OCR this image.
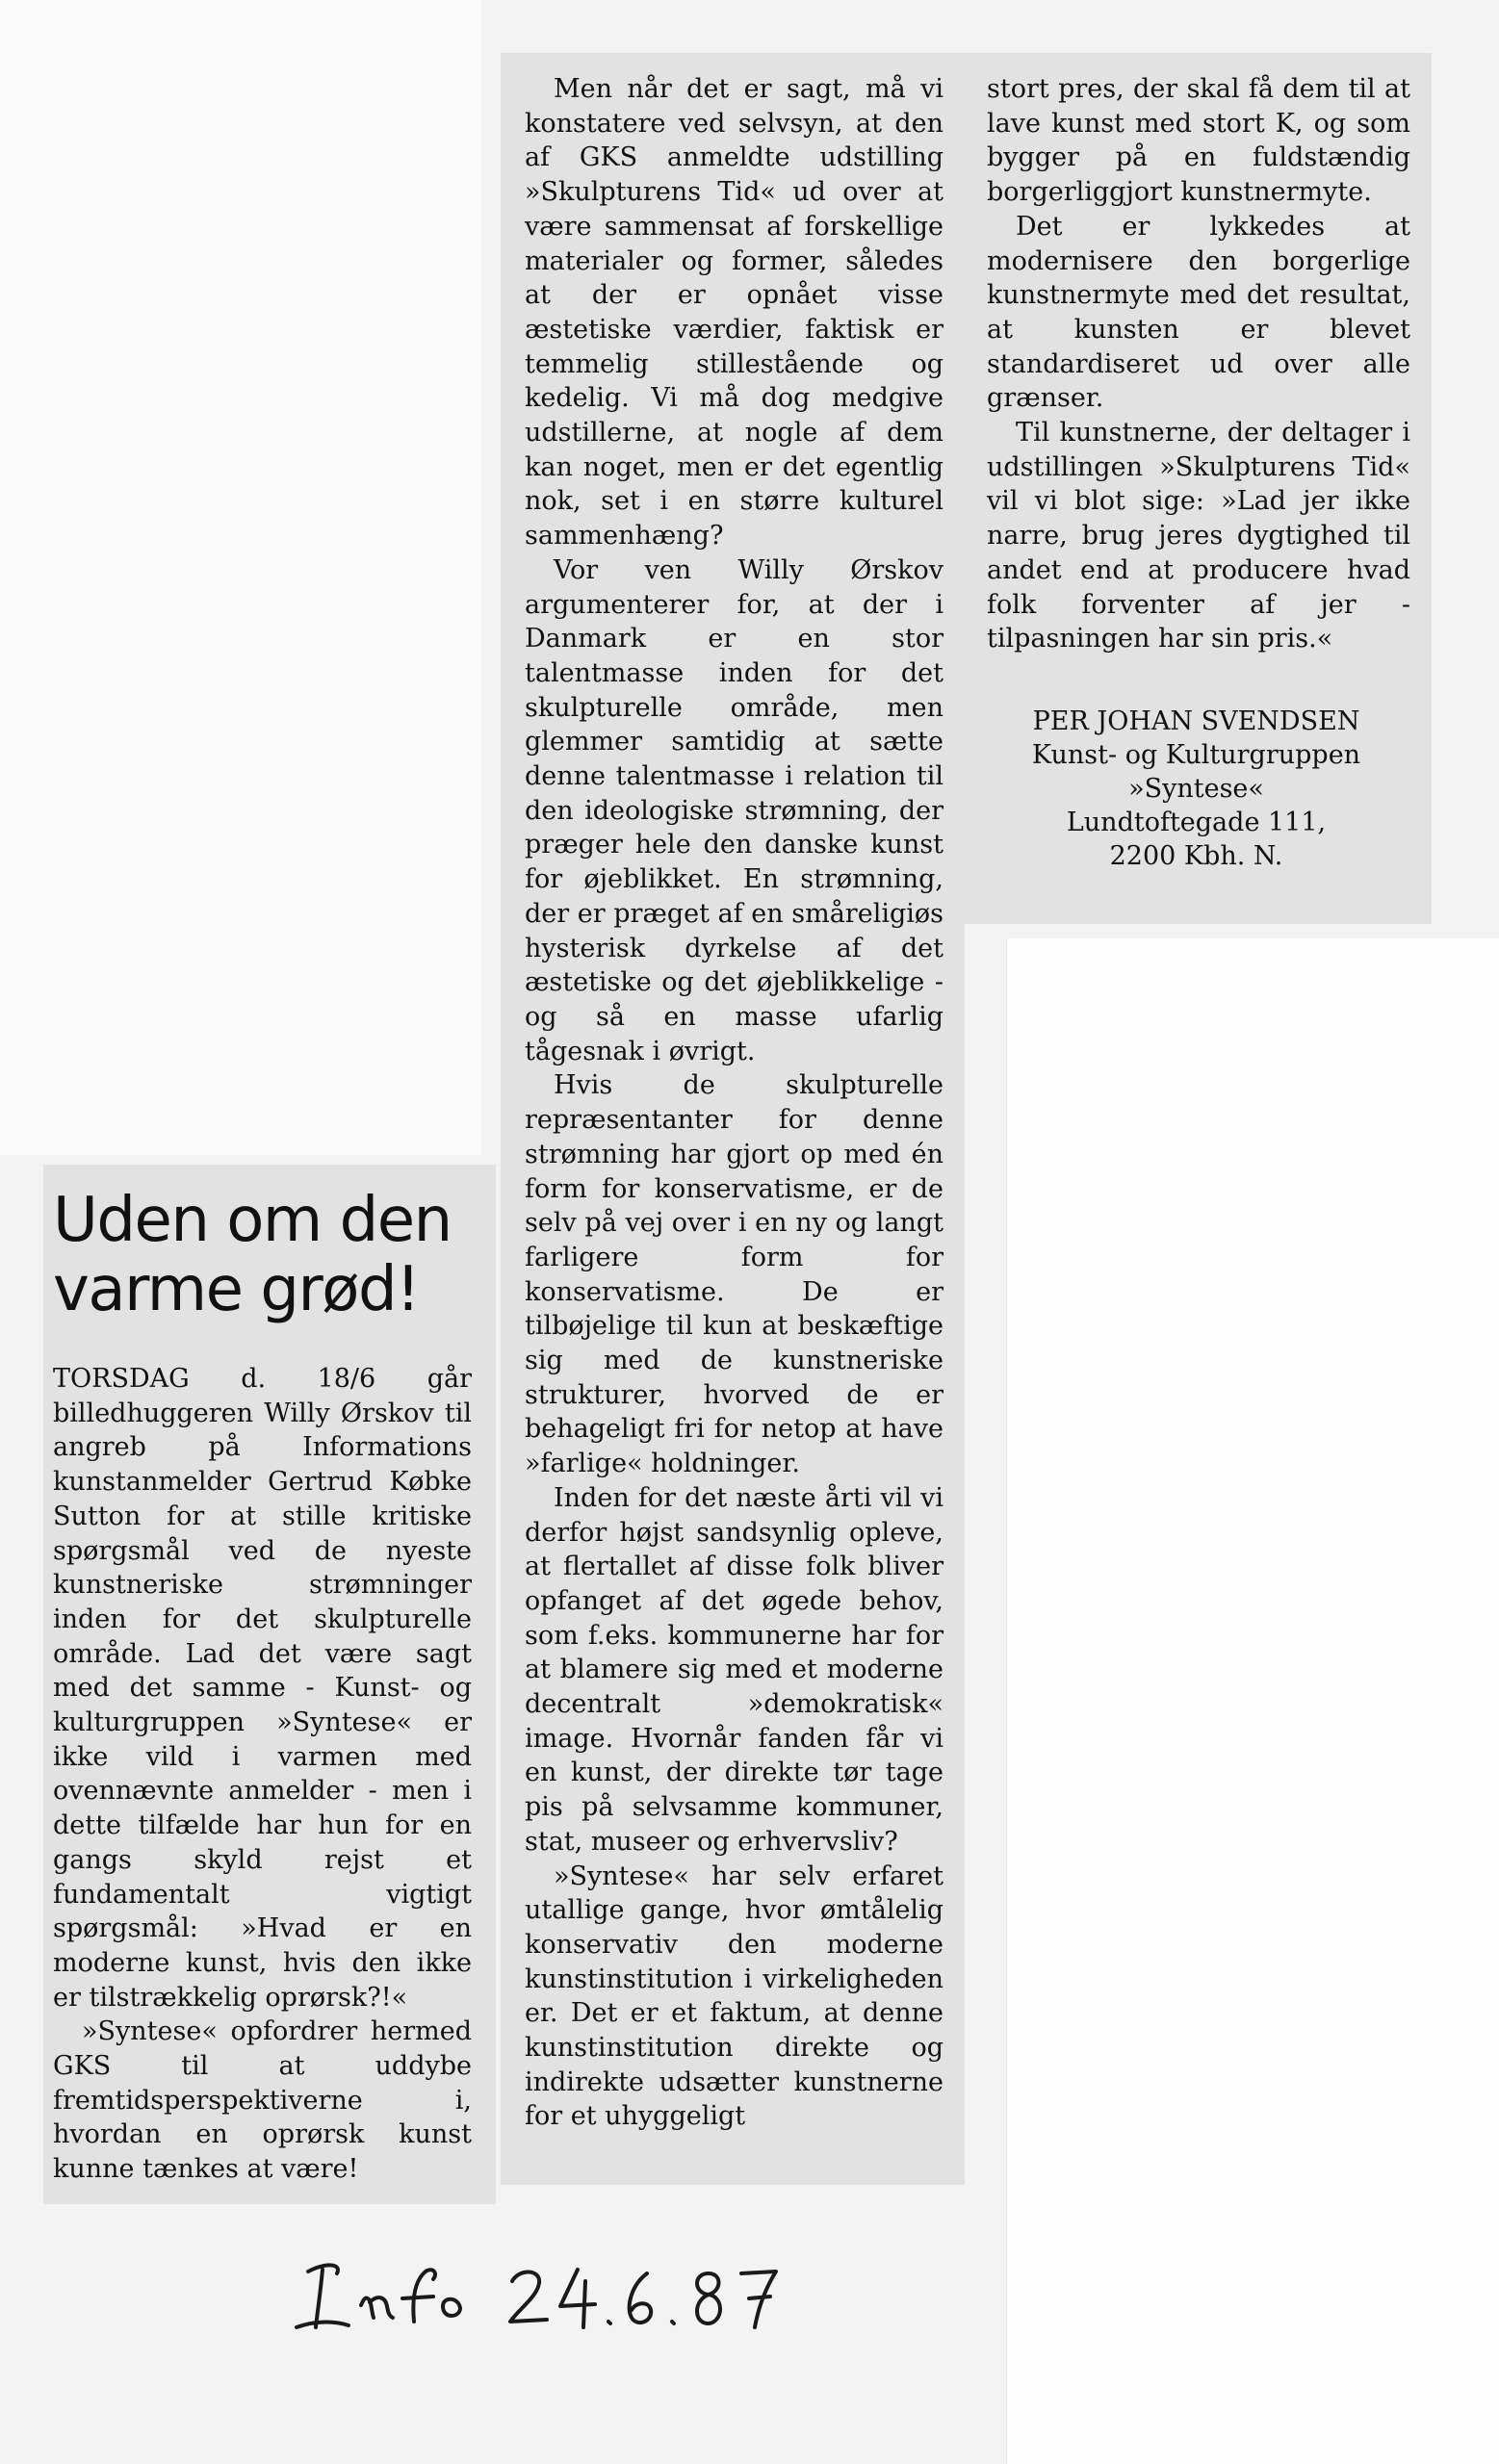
Uden om den varme grød!

TORSDAG d. 18/6 går billedhuggeren Willy Ørskov til angreb på Informations kunstanmelder Gertrud Købke Sutton for at stille kritiske spørgsmål ved de nyeste kunstneriske strømninger inden for det skulpturelle område. Lad det være sagt med det samme - Kunst- og kulturgruppen »Syntese« er ikke vild i varmen med ovennævnte anmelder - men i dette tilfælde har hun for en gangs skyld rejst et fundamentalt vigtigt spørgsmål: »Hvad er en moderne kunst, hvis den ikke er tilstrækkelig oprørsk?!«

»Syntese« opfordrer hermed GKS til at uddybe fremtidsperspektiverne i, hvordan en oprørsk kunst kunne tænkes at være!

Men når det er sagt, må vi konstatere ved selvsyn, at den af GKS anmeldte udstilling »Skulpturens Tid« ud over at være sammensat af forskellige materialer og former, således at der er opnået visse æstetiske værdier, faktisk er temmelig stillestående og kedelig. Vi må dog medgive udstillerne, at nogle af dem kan noget, men er det egentlig nok, set i en større kulturel sammenhæng?

Vor ven Willy Ørskov argumenterer for, at der i Danmark er en stor talentmasse inden for det skulpturelle område, men glemmer samtidig at sætte denne talentmasse i relation til den ideologiske strømning, der præger hele den danske kunst for øjeblikket. En strømning, der er præget af en småreligiøs hysterisk dyrkelse af det æstetiske og det øjeblikkelige - og så en masse ufarlig tågesnak i øvrigt.

Hvis de skulpturelle repræsentanter for denne strømning har gjort op med én form for konservatisme, er de selv på vej over i en ny og langt farligere form for konservatisme. De er tilbøjelige til kun at beskæftige sig med de kunstneriske strukturer, hvorved de er behageligt fri for netop at have »farlige« holdninger.

Inden for det næste årti vil vi derfor højst sandsynlig opleve, at flertallet af disse folk bliver opfanget af det øgede behov, som f.eks. kommunerne har for at blamere sig med et moderne decentralt »demokratisk« image. Hvornår fanden får vi en kunst, der direkte tør tage pis på selvsamme kommuner, stat, museer og erhvervsliv?

»Syntese« har selv erfaret utallige gange, hvor ømtålelig konservativ den moderne kunstinstitution i virkeligheden er. Det er et faktum, at denne kunstinstitution direkte og indirekte udsætter kunstnerne for et uhyggeligt

stort pres, der skal få dem til at lave kunst med stort K, og som bygger på en fuldstændig borgerliggjort kunstnermyte.

Det er lykkedes at modernisere den borgerlige kunstnermyte med det resultat, at kunsten er blevet standardiseret ud over alle grænser.

Til kunstnerne, der deltager i udstillingen »Skulpturens Tid« vil vi blot sige: »Lad jer ikke narre, brug jeres dygtighed til andet end at producere hvad folk forventer af jer - tilpasningen har sin pris.«

PER JOHAN SVENDSEN
Kunst- og Kulturgruppen
»Syntese«
Lundtoftegade 111,
2200 Kbh. N.
